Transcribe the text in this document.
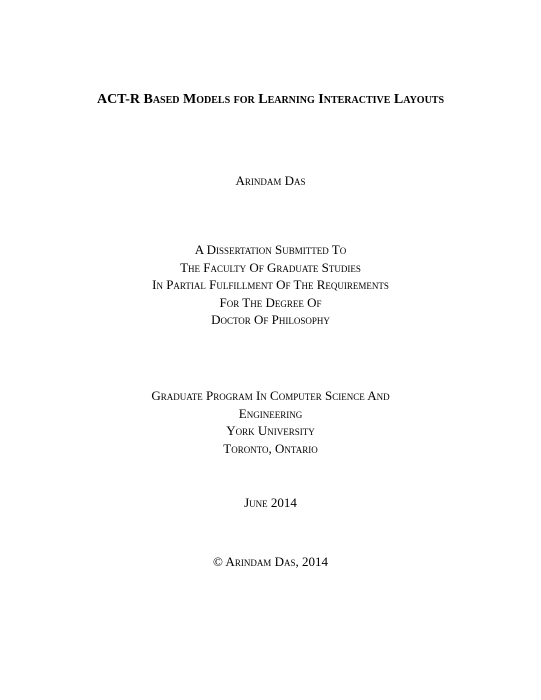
ACT-R Based Models for Learning Interactive Layouts
Arindam Das
A Dissertation Submitted To
The Faculty Of Graduate Studies
In Partial Fulfillment Of The Requirements
For The Degree Of
Doctor Of Philosophy
Graduate Program In Computer Science And
Engineering
York University
Toronto, Ontario
June 2014
© Arindam Das, 2014
